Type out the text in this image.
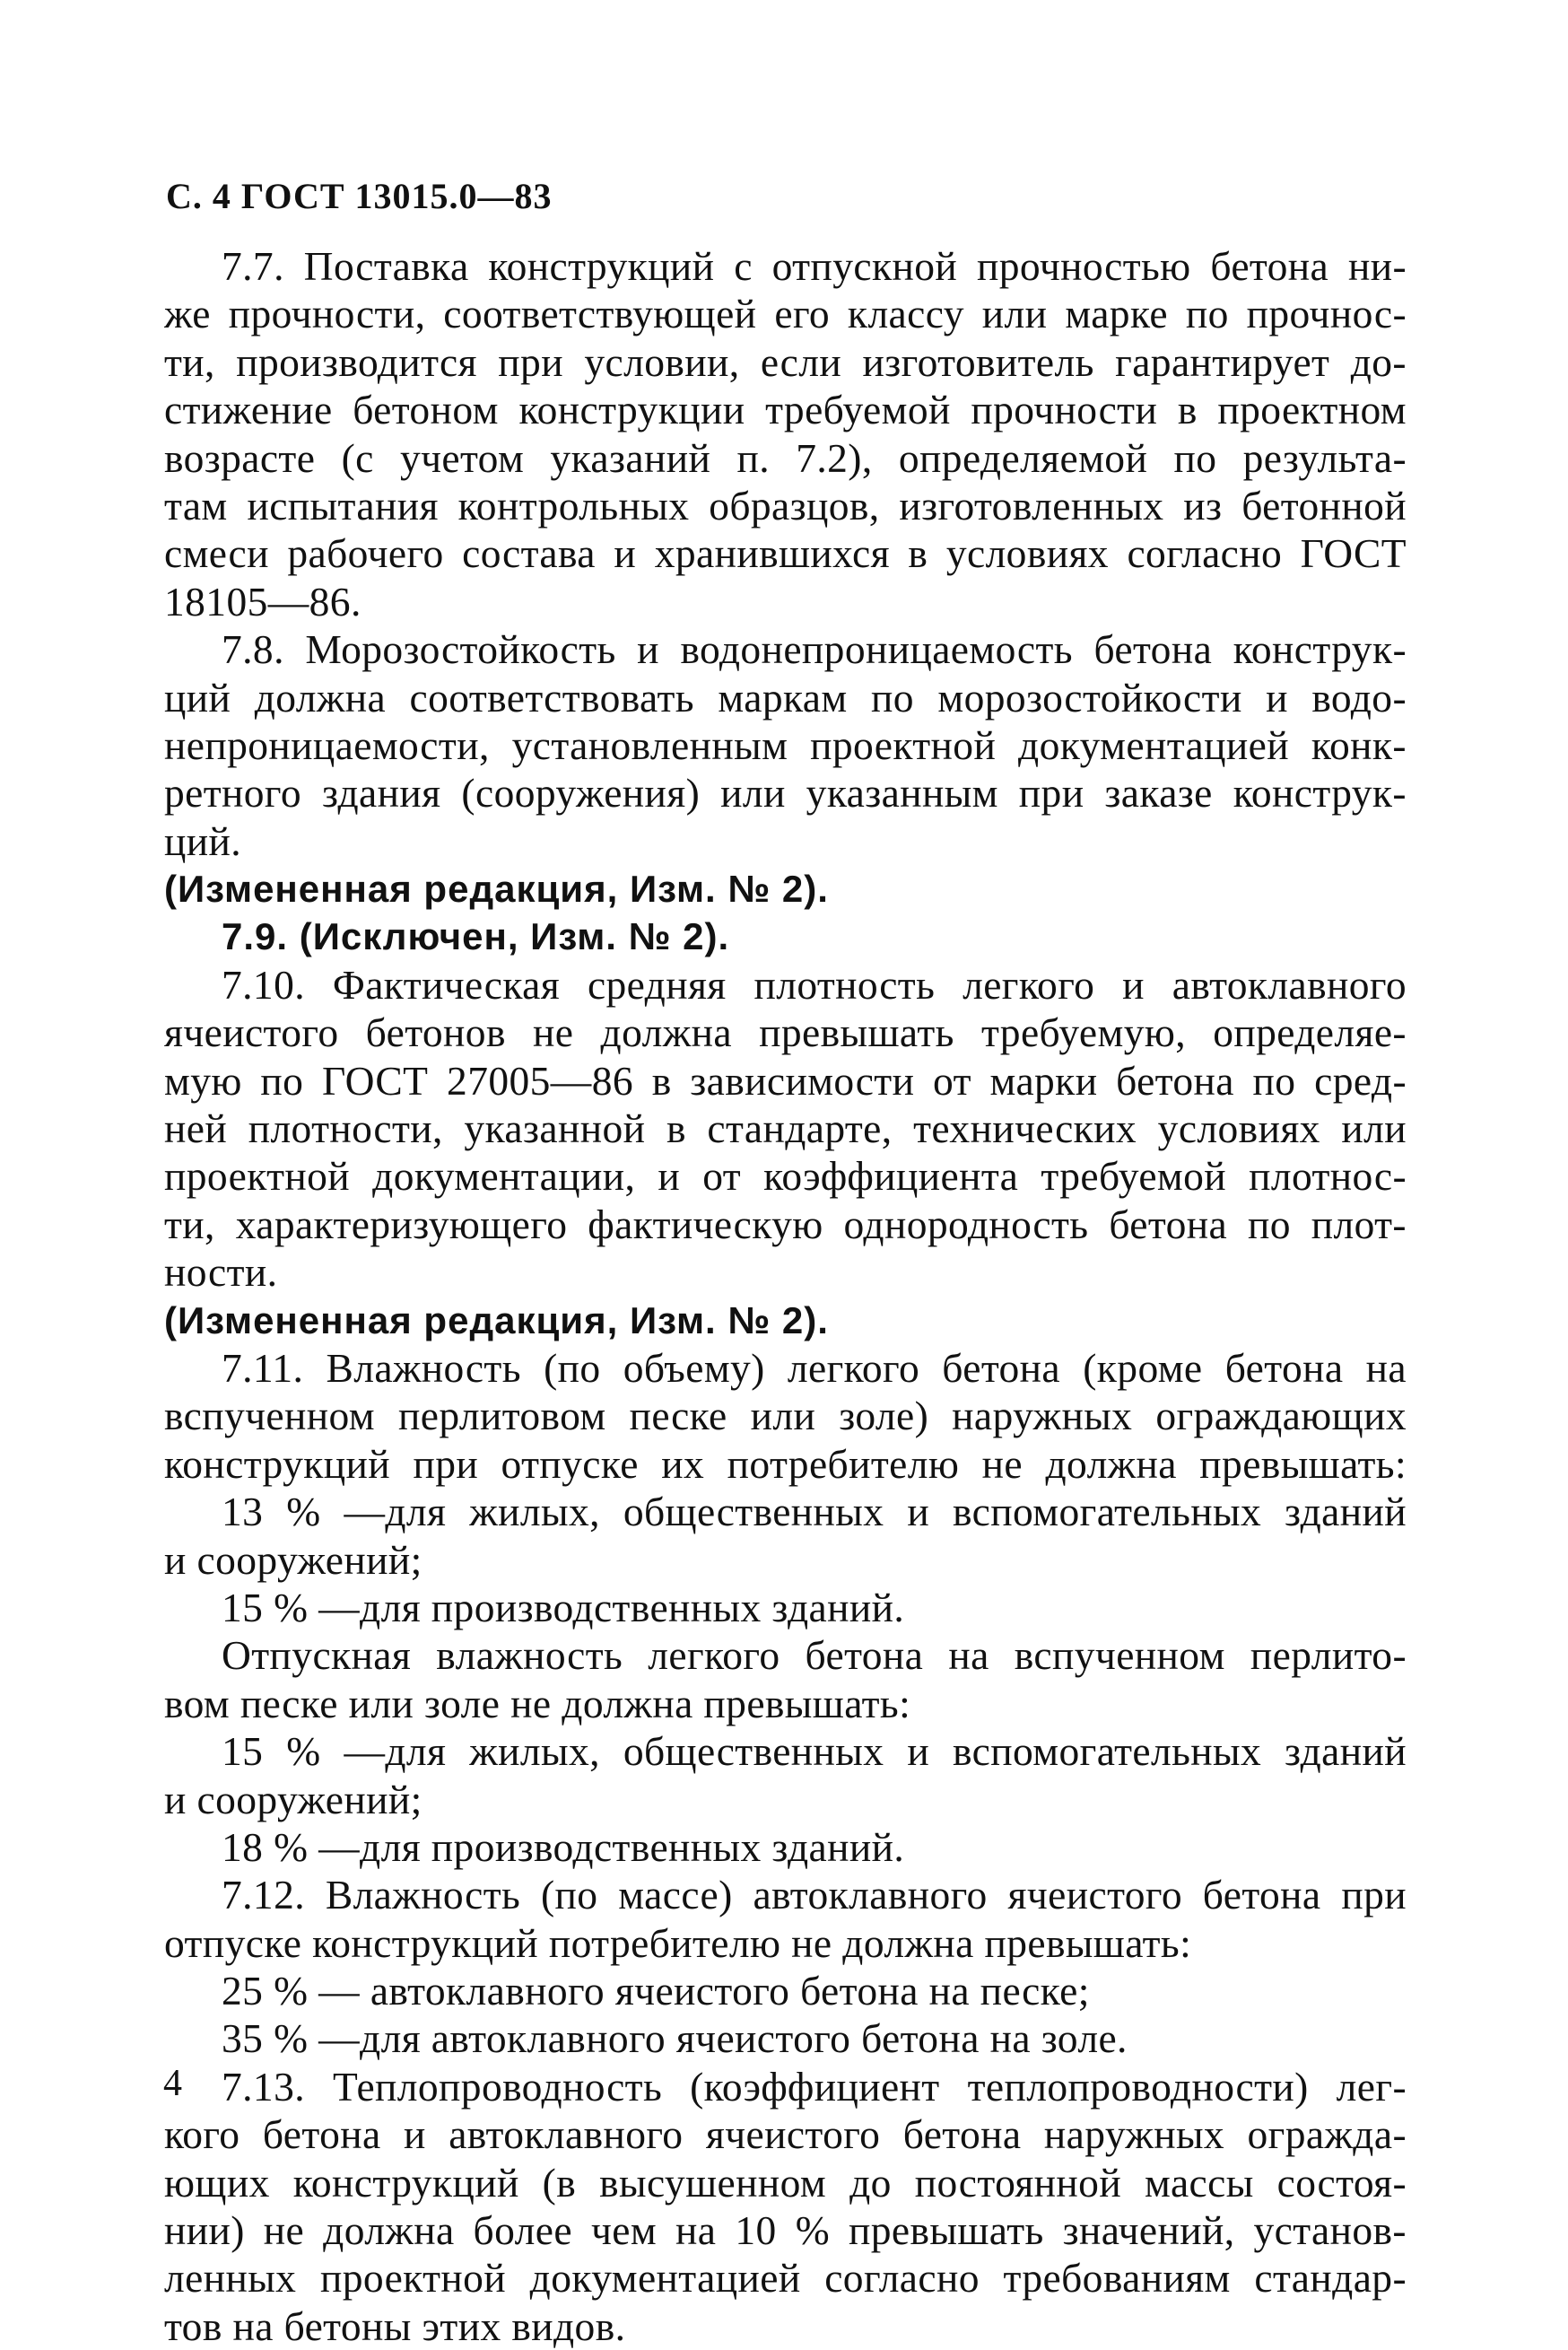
С. 4 ГОСТ 13015.0—83
7.7. Поставка конструкций с отпускной прочностью бетона ни-
же прочности, соответствующей его классу или марке по прочнос-
ти, производится при условии, если изготовитель гарантирует до-
стижение бетоном конструкции требуемой прочности в проектном
возрасте (с учетом указаний п. 7.2), определяемой по результа-
там испытания контрольных образцов, изготовленных из бетонной
смеси рабочего состава и хранившихся в условиях согласно ГОСТ
18105—86.
7.8. Морозостойкость и водонепроницаемость бетона конструк-
ций должна соответствовать маркам по морозостойкости и водо-
непроницаемости, установленным проектной документацией конк-
ретного здания (сооружения) или указанным при заказе конструк-
ций.
(Измененная редакция, Изм. № 2).
7.9. (Исключен, Изм. № 2).
7.10. Фактическая средняя плотность легкого и автоклавного
ячеистого бетонов не должна превышать требуемую, определяе-
мую по ГОСТ 27005—86 в зависимости от марки бетона по сред-
ней плотности, указанной в стандарте, технических условиях или
проектной документации, и от коэффициента требуемой плотнос-
ти, характеризующего фактическую однородность бетона по плот-
ности.
(Измененная редакция, Изм. № 2).
7.11. Влажность (по объему) легкого бетона (кроме бетона на
вспученном перлитовом песке или золе) наружных ограждающих
конструкций при отпуске их потребителю не должна превышать:
13 % —для жилых, общественных и вспомогательных зданий
и сооружений;
15 % —для производственных зданий.
Отпускная влажность легкого бетона на вспученном перлито-
вом песке или золе не должна превышать:
15 % —для жилых, общественных и вспомогательных зданий
и сооружений;
18 % —для производственных зданий.
7.12. Влажность (по массе) автоклавного ячеистого бетона при
отпуске конструкций потребителю не должна превышать:
25 % — автоклавного ячеистого бетона на песке;
35 % —для автоклавного ячеистого бетона на золе.
7.13. Теплопроводность (коэффициент теплопроводности) лег-
кого бетона и автоклавного ячеистого бетона наружных огражда-
ющих конструкций (в высушенном до постоянной массы состоя-
нии) не должна более чем на 10 % превышать значений, установ-
ленных проектной документацией согласно требованиям стандар-
тов на бетоны этих видов.
4
